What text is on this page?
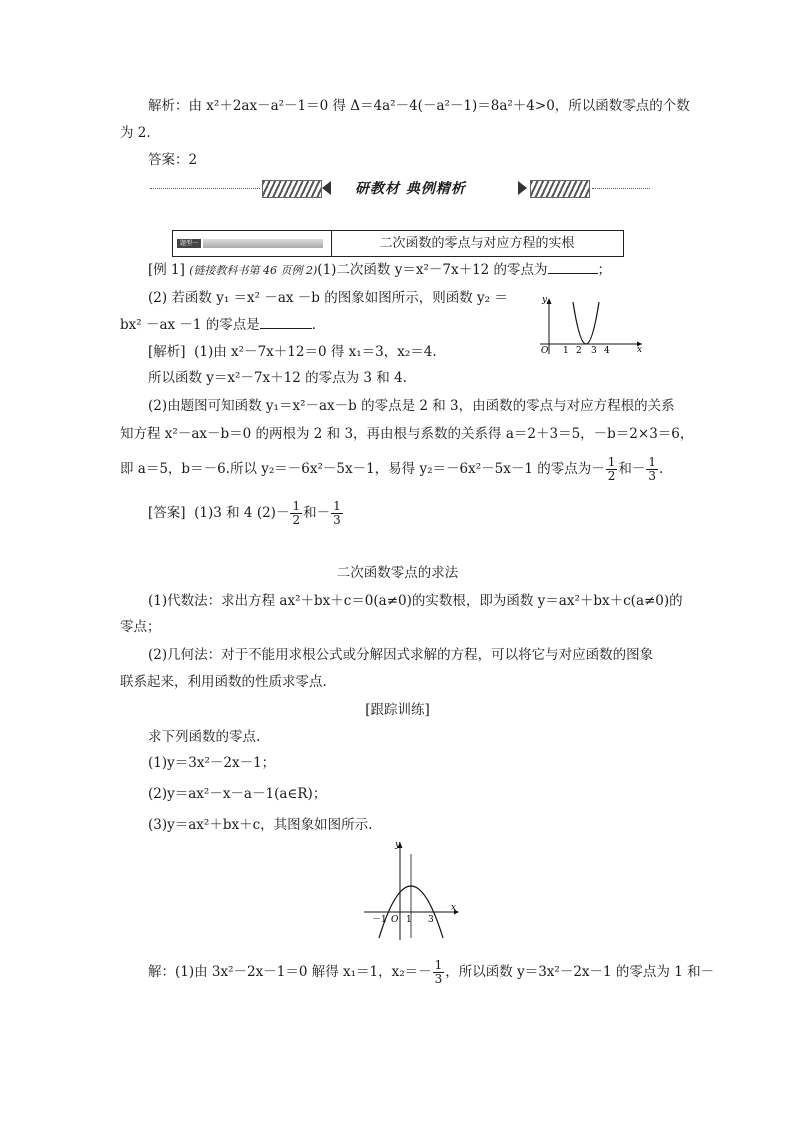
解析：由 x²＋2ax－a²－1＝0 得 Δ＝4a²－4(－a²－1)＝8a²＋4>0，所以函数零点的个数
为 2.
答案：2
研教材 典例精析
题型一	二次函数的零点与对应方程的实根
[例 1] (链接教科书第 46 页例 2)(1)二次函数 y＝x²－7x＋12 的零点为	；
(2) 若函数 y₁ ＝x² －ax －b 的图象如图所示，则函数 y₂ ＝
bx² －ax －1 的零点是	．
y
x
O 1 2 3 4
[解析] (1)由 x²－7x＋12＝0 得 x₁＝3，x₂＝4.
所以函数 y＝x²－7x＋12 的零点为 3 和 4.
(2)由题图可知函数 y₁＝x²－ax－b 的零点是 2 和 3，由函数的零点与对应方程根的关系
知方程 x²－ax－b＝0 的两根为 2 和 3，再由根与系数的关系得 a＝2＋3＝5，－b＝2×3＝6，
即 a＝5，b＝－6.所以 y₂＝－6x²－5x－1，易得 y₂＝－6x²－5x－1 的零点为－ $\frac{1}{2}$ 和－ $\frac{1}{3}$ .
[答案] (1)3 和 4 $(2)- \frac{1}{2}$ 和－ $\frac{1}{3}$
二次函数零点的求法
(1)代数法：求出方程 ax²＋bx＋c＝0(a≠0)的实数根，即为函数 y＝ax²＋bx＋c(a≠0)的
零点；
(2)几何法：对于不能用求根公式或分解因式求解的方程，可以将它与对应函数的图象
联系起来，利用函数的性质求零点.
[跟踪训练]
求下列函数的零点.
(1)y＝3x²－2x－1；
(2)y＝ax²－x－a－1(a∈R)；
(3)y＝ax²＋bx＋c，其图象如图所示.
y
x
O
－1 1 3
解：(1)由 3x²－2x－1＝0 解得 x₁＝1，$x_2=- \frac{1}{3}$ ，所以函数 y＝3x²－2x－1 的零点为 1 和－
